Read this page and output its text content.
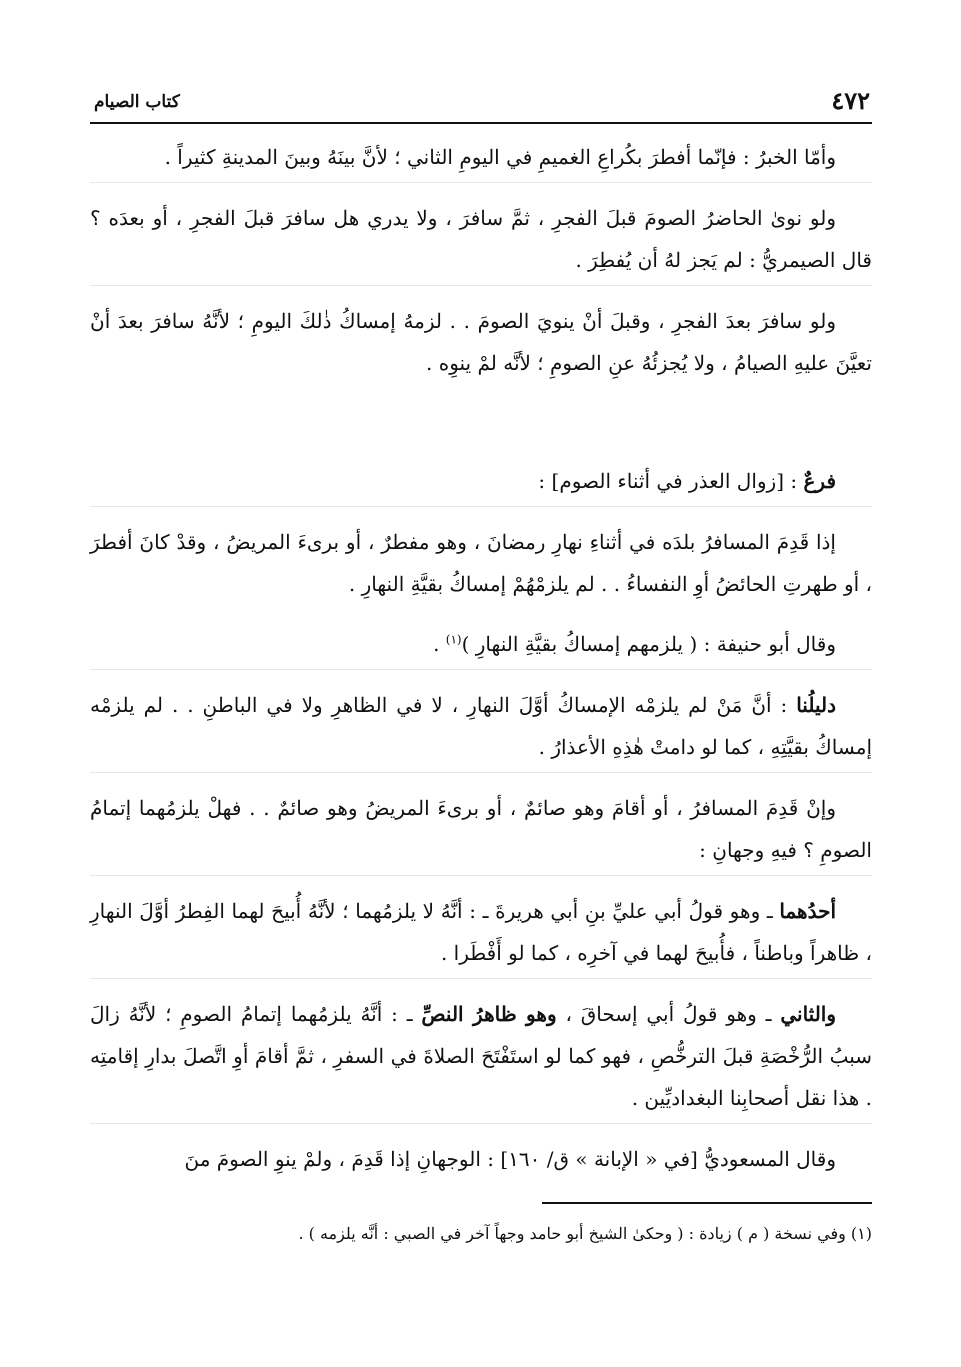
٤٧٢
كتاب الصيام

وأمّا الخبرُ : فإنّما أفطرَ بكُراعِ الغميمِ في اليومِ الثاني ؛ لأنَّ بينَهُ وبينَ المدينةِ كثيراً .

ولو نوىٰ الحاضرُ الصومَ قبلَ الفجرِ ، ثمَّ سافرَ ، ولا يدري هل سافرَ قبلَ الفجرِ ، أو بعدَه ؟ قال الصيمريُّ : لم يَجز لهُ أن يُفطِرَ .

ولو سافرَ بعدَ الفجرِ ، وقبلَ أنْ ينويَ الصومَ . . لزمهُ إمساكُ ذٰلكَ اليومِ ؛ لأنَّهُ سافرَ بعدَ أنْ تعيَّنَ عليهِ الصيامُ ، ولا يُجزئُهُ عنِ الصومِ ؛ لأنَّه لمْ ينوِه .

فرعٌ : [زوال العذر في أثناء الصوم] :

إذا قَدِمَ المسافرُ بلدَه في أثناءِ نهارِ رمضانَ ، وهو مفطرٌ ، أو برىءَ المريضُ ، وقدْ كانَ أفطرَ ، أو طهرتِ الحائضُ أوِ النفساءُ . . لم يلزمْهُمْ إمساكُ بقيَّةِ النهارِ .

وقال أبو حنيفة : ( يلزمهم إمساكُ بقيَّةِ النهارِ )$^{(١)}$ .

دليلُنا : أنَّ مَنْ لم يلزمْه الإمساكُ أوَّلَ النهارِ ، لا في الظاهرِ ولا في الباطنِ . . لم يلزمْه إمساكُ بقيَّتِهِ ، كما لو دامتْ هٰذِهِ الأعذارُ .

وإنْ قَدِمَ المسافرُ ، أو أقامَ وهو صائمٌ ، أو برىءَ المريضُ وهو صائمٌ . . فهلْ يلزمُهما إتمامُ الصومِ ؟ فيهِ وجهانِ :

أحدُهما ـ وهو قولُ أبي عليِّ بنِ أبي هريرةَ ـ : أنَّهُ لا يلزمُهما ؛ لأنَّهُ أُبيحَ لهما الفِطرُ أوَّلَ النهارِ ، ظاهراً وباطناً ، فأُبيحَ لهما في آخرِه ، كما لو أَفْطَرا .

والثاني ـ وهو قولُ أبي إسحاقَ ، وهو ظاهرُ النصِّ ـ : أنَّهُ يلزمُهما إتمامُ الصومِ ؛ لأنَّهُ زالَ سببُ الرُّخْصَةِ قبلَ الترخُّصِ ، فهو كما لو استَفْتَحَ الصلاةَ في السفرِ ، ثمَّ أقامَ أوِ اتَّصلَ بدارِ إقامتِه . هذا نقل أصحابِنا البغداديِّين .

وقال المسعوديُّ [في « الإبانة » ق/ ١٦٠] : الوجهانِ إذا قَدِمَ ، ولمْ ينوِ الصومَ منَ

(١) وفي نسخة ( م ) زيادة : ( وحكىٰ الشيخ أبو حامد وجهاً آخر في الصبي : أنَّه يلزمه ) .
